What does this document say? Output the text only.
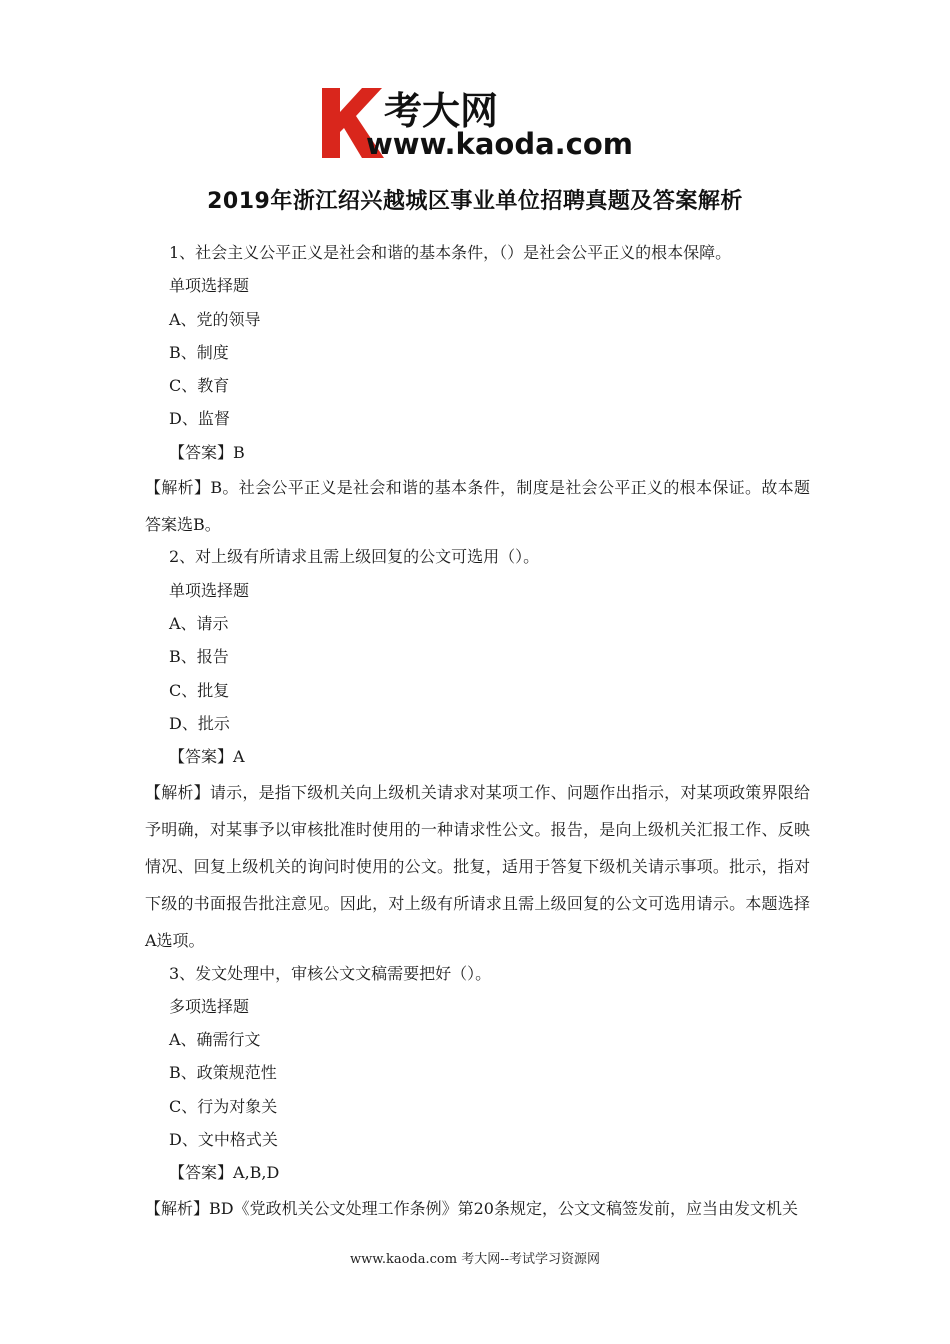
考大网
www.kaoda.com
2019年浙江绍兴越城区事业单位招聘真题及答案解析

1、社会主义公平正义是社会和谐的基本条件，（）是社会公平正义的根本保障。

单项选择题

A、党的领导

B、制度

C、教育

D、监督

【答案】B

【解析】B。社会公平正义是社会和谐的基本条件，制度是社会公平正义的根本保证。故本题答案选B。

2、对上级有所请求且需上级回复的公文可选用（）。

单项选择题

A、请示

B、报告

C、批复

D、批示

【答案】A

【解析】请示，是指下级机关向上级机关请求对某项工作、问题作出指示，对某项政策界限给予明确，对某事予以审核批准时使用的一种请求性公文。报告，是向上级机关汇报工作、反映情况、回复上级机关的询问时使用的公文。批复，适用于答复下级机关请示事项。批示，指对下级的书面报告批注意见。因此，对上级有所请求且需上级回复的公文可选用请示。本题选择A选项。

3、发文处理中，审核公文文稿需要把好（）。

多项选择题

A、确需行文

B、政策规范性

C、行为对象关

D、文中格式关

【答案】A,B,D

【解析】BD《党政机关公文处理工作条例》第20条规定，公文文稿签发前，应当由发文机关

www.kaoda.com 考大网--考试学习资源网
